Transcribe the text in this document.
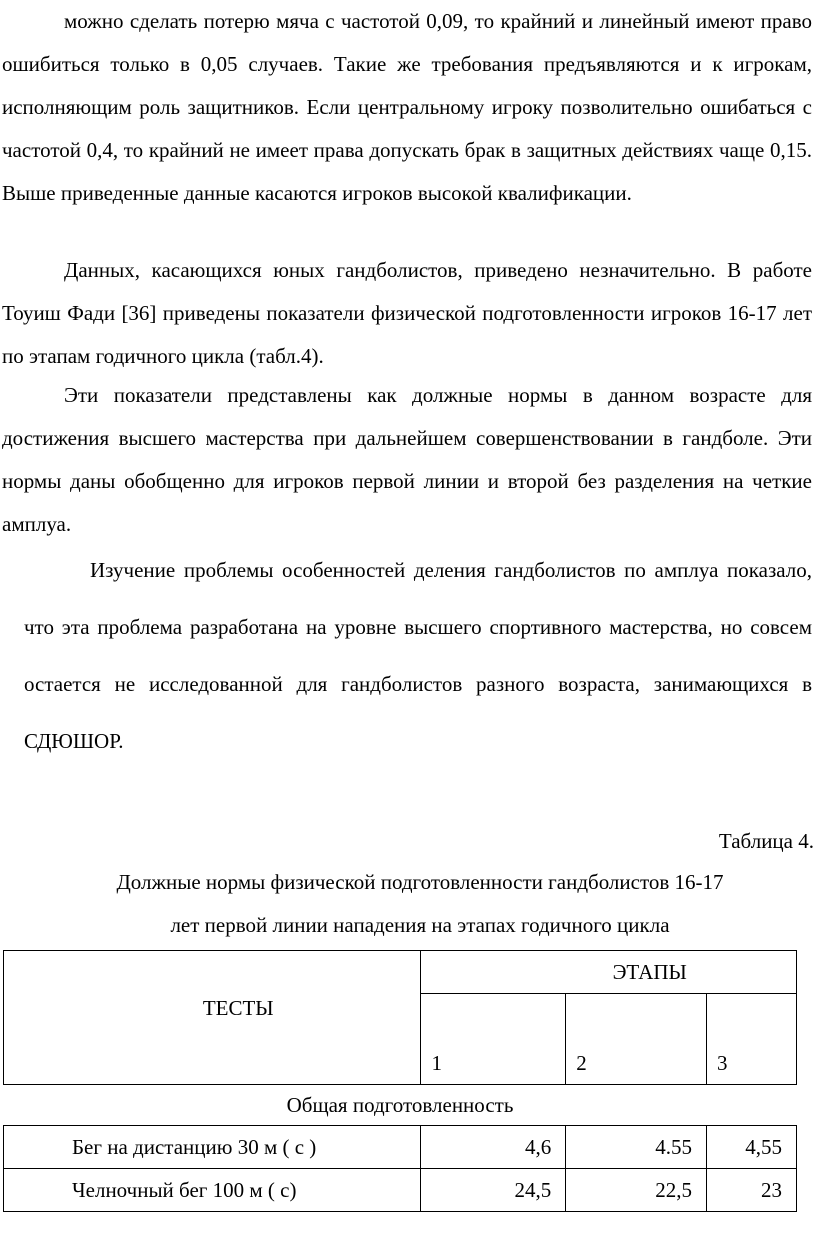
можно сделать потерю мяча с частотой 0,09, то крайний и линейный имеют право ошибиться только в 0,05 случаев. Такие же требования предъявляются и к игрокам, исполняющим роль защитников. Если центральному игроку позволительно ошибаться с частотой 0,4, то крайний не имеет права допускать брак в защитных действиях чаще 0,15. Выше приведенные данные касаются игроков высокой квалификации.

Данных, касающихся юных гандболистов, приведено незначительно. В работе Тоуиш Фади [36] приведены показатели физической подготовленности игроков 16-17 лет по этапам годичного цикла (табл.4).

Эти показатели представлены как должные нормы в данном возрасте для достижения высшего мастерства при дальнейшем совершенствовании в гандболе. Эти нормы даны обобщенно для игроков первой линии и второй без разделения на четкие амплуа.

Изучение проблемы особенностей деления гандболистов по амплуа показало, что эта проблема разработана на уровне высшего спортивного мастерства, но совсем остается не исследованной для гандболистов разного возраста, занимающихся в СДЮШОР.

Таблица 4.

Должные нормы физической подготовленности гандболистов 16-17
лет первой линии нападения на этапах годичного цикла
ТЕСТЫ	ЭТАПЫ		
	1	2	3
Общая подготовленность			
Бег на дистанцию 30 м ( с )	4,6	4.55	4,55
Челночный бег 100 м ( с)	24,5	22,5	23
